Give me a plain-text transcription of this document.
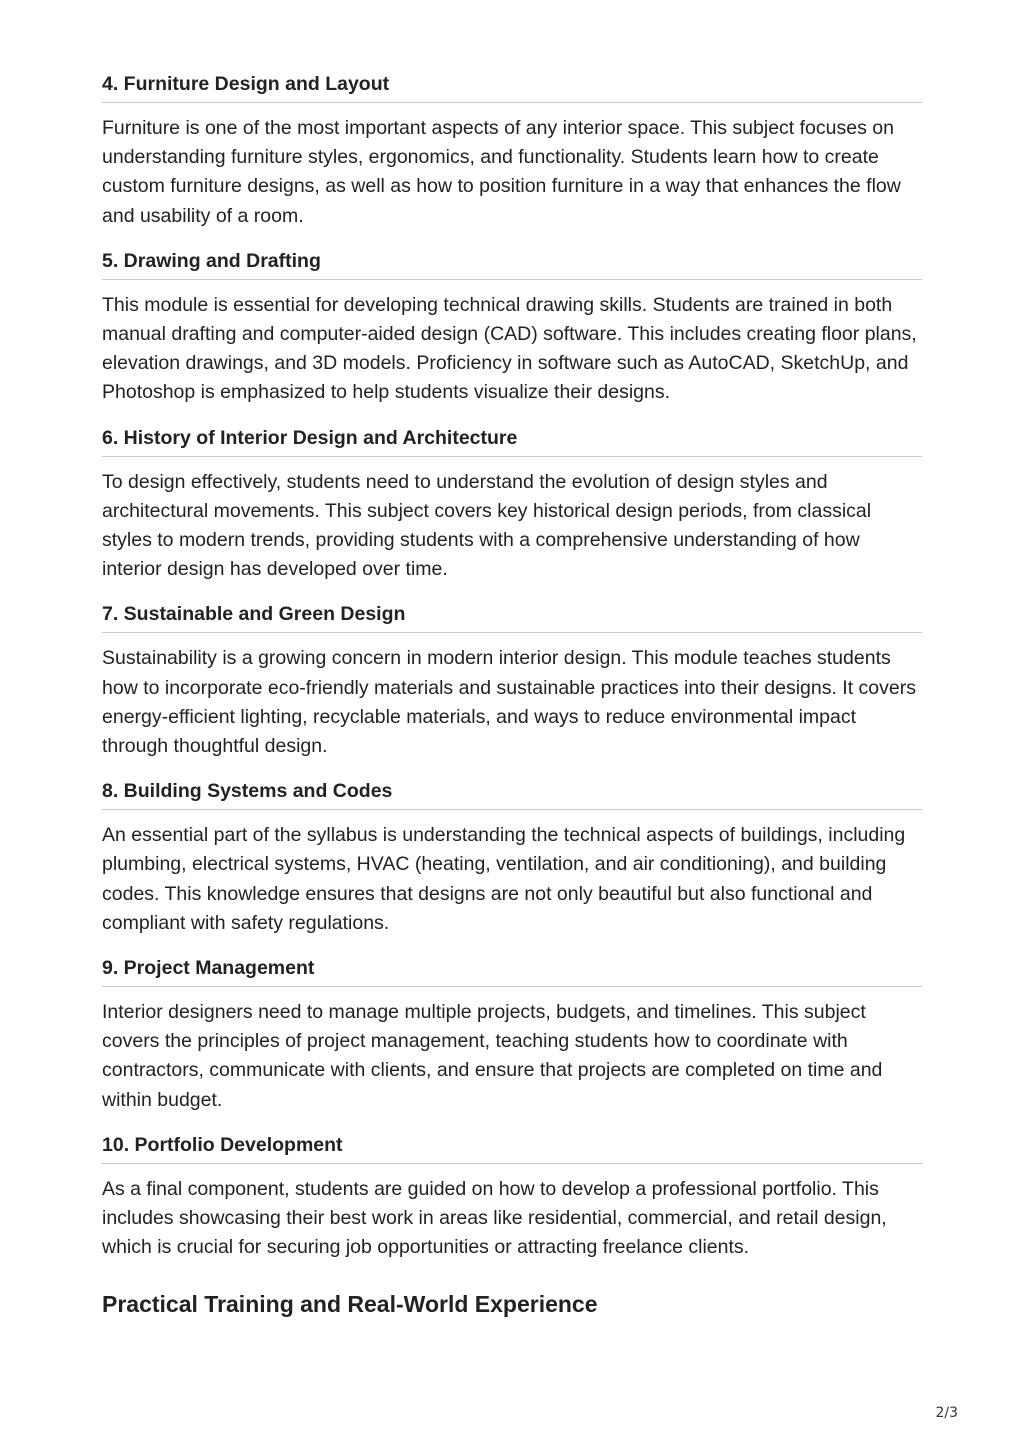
4. Furniture Design and Layout

Furniture is one of the most important aspects of any interior space. This subject focuses on understanding furniture styles, ergonomics, and functionality. Students learn how to create custom furniture designs, as well as how to position furniture in a way that enhances the flow and usability of a room.

5. Drawing and Drafting

This module is essential for developing technical drawing skills. Students are trained in both manual drafting and computer-aided design (CAD) software. This includes creating floor plans, elevation drawings, and 3D models. Proficiency in software such as AutoCAD, SketchUp, and Photoshop is emphasized to help students visualize their designs.

6. History of Interior Design and Architecture

To design effectively, students need to understand the evolution of design styles and architectural movements. This subject covers key historical design periods, from classical styles to modern trends, providing students with a comprehensive understanding of how interior design has developed over time.

7. Sustainable and Green Design

Sustainability is a growing concern in modern interior design. This module teaches students how to incorporate eco-friendly materials and sustainable practices into their designs. It covers energy-efficient lighting, recyclable materials, and ways to reduce environmental impact through thoughtful design.

8. Building Systems and Codes

An essential part of the syllabus is understanding the technical aspects of buildings, including plumbing, electrical systems, HVAC (heating, ventilation, and air conditioning), and building codes. This knowledge ensures that designs are not only beautiful but also functional and compliant with safety regulations.

9. Project Management

Interior designers need to manage multiple projects, budgets, and timelines. This subject covers the principles of project management, teaching students how to coordinate with contractors, communicate with clients, and ensure that projects are completed on time and within budget.

10. Portfolio Development

As a final component, students are guided on how to develop a professional portfolio. This includes showcasing their best work in areas like residential, commercial, and retail design, which is crucial for securing job opportunities or attracting freelance clients.

Practical Training and Real-World Experience
2/3
